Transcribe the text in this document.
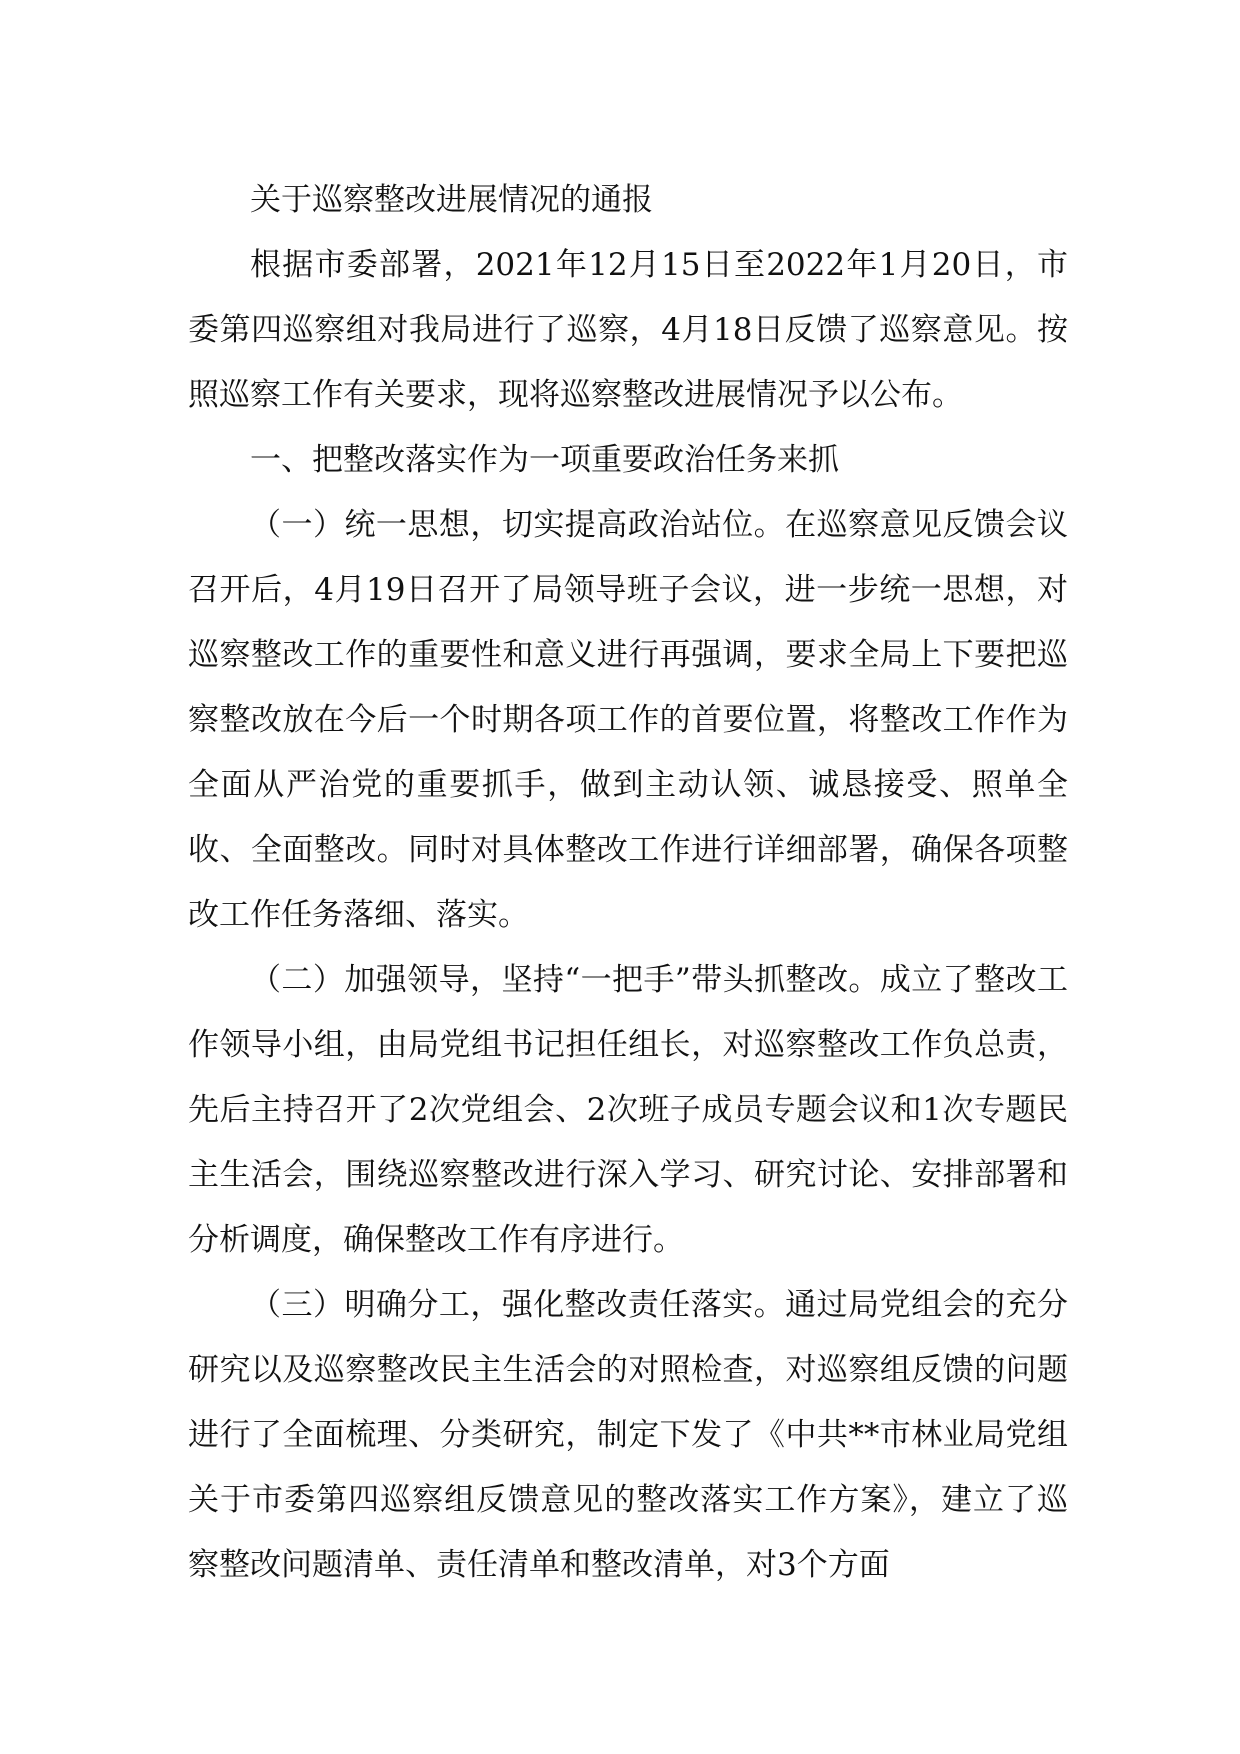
关于巡察整改进展情况的通报

根据市委部署，2021年12月15日至2022年1月20日，市委第四巡察组对我局进行了巡察，4月18日反馈了巡察意见。按照巡察工作有关要求，现将巡察整改进展情况予以公布。

一、把整改落实作为一项重要政治任务来抓

（一）统一思想，切实提高政治站位。在巡察意见反馈会议召开后，4月19日召开了局领导班子会议，进一步统一思想，对巡察整改工作的重要性和意义进行再强调，要求全局上下要把巡察整改放在今后一个时期各项工作的首要位置，将整改工作作为全面从严治党的重要抓手，做到主动认领、诚恳接受、照单全收、全面整改。同时对具体整改工作进行详细部署，确保各项整改工作任务落细、落实。

（二）加强领导，坚持“一把手”带头抓整改。成立了整改工作领导小组，由局党组书记担任组长，对巡察整改工作负总责，先后主持召开了2次党组会、2次班子成员专题会议和1次专题民主生活会，围绕巡察整改进行深入学习、研究讨论、安排部署和分析调度，确保整改工作有序进行。

（三）明确分工，强化整改责任落实。通过局党组会的充分研究以及巡察整改民主生活会的对照检查，对巡察组反馈的问题进行了全面梳理、分类研究，制定下发了《中共**市林业局党组关于市委第四巡察组反馈意见的整改落实工作方案》，建立了巡察整改问题清单、责任清单和整改清单，对3个方面
